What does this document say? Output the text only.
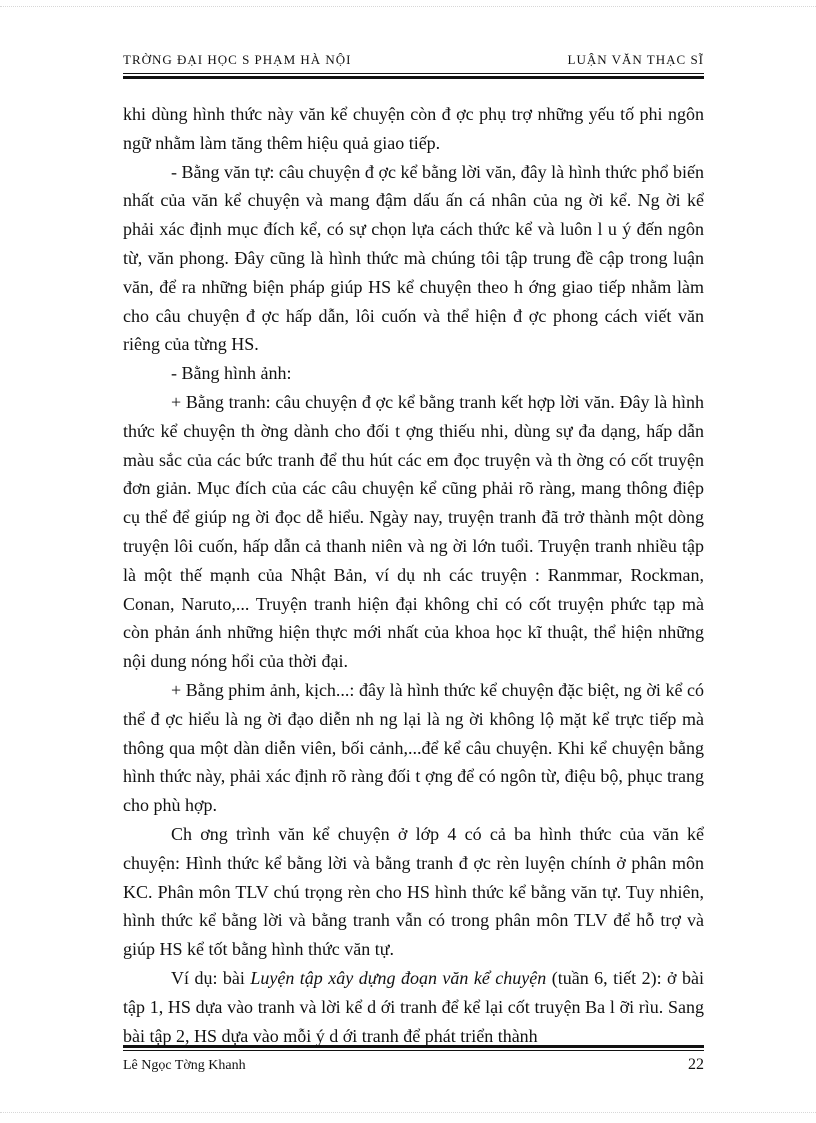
TRỜNG ĐẠI HỌC S PHẠM HÀ NỘI	LUẬN VĂN THẠC SĨ

khi dùng hình thức này văn kể chuyện còn đ ợc phụ trợ những yếu tố phi ngôn ngữ nhằm làm tăng thêm hiệu quả giao tiếp.

- Bằng văn tự: câu chuyện đ ợc kể bằng lời văn, đây là hình thức phổ biến nhất của văn kể chuyện và mang đậm dấu ấn cá nhân của ng ời kể. Ng ời kể phải xác định mục đích kể, có sự chọn lựa cách thức kể và luôn l u ý đến ngôn từ, văn phong. Đây cũng là hình thức mà chúng tôi tập trung đề cập trong luận văn, để ra những biện pháp giúp HS kể chuyện theo h ớng giao tiếp nhằm làm cho câu chuyện đ ợc hấp dẫn, lôi cuốn và thể hiện đ ợc phong cách viết văn riêng của từng HS.

- Bằng hình ảnh:

+ Bằng tranh: câu chuyện đ ợc kể bằng tranh kết hợp lời văn. Đây là hình thức kể chuyện th ờng dành cho đối t ợng thiếu nhi, dùng sự đa dạng, hấp dẫn màu sắc của các bức tranh để thu hút các em đọc truyện và th ờng có cốt truyện đơn giản. Mục đích của các câu chuyện kể cũng phải rõ ràng, mang thông điệp cụ thể để giúp ng ời đọc dễ hiểu. Ngày nay, truyện tranh đã trở thành một dòng truyện lôi cuốn, hấp dẫn cả thanh niên và ng ời lớn tuổi. Truyện tranh nhiều tập là một thế mạnh của Nhật Bản, ví dụ nh các truyện : Ranmmar, Rockman, Conan, Naruto,... Truyện tranh hiện đại không chỉ có cốt truyện phức tạp mà còn phản ánh những hiện thực mới nhất của khoa học kĩ thuật, thể hiện những nội dung nóng hổi của thời đại.

+ Bằng phim ảnh, kịch...: đây là hình thức kể chuyện đặc biệt, ng ời kể có thể đ ợc hiểu là ng ời đạo diễn nh ng lại là ng ời không lộ mặt kể trực tiếp mà thông qua một dàn diễn viên, bối cảnh,...để kể câu chuyện. Khi kể chuyện bằng hình thức này, phải xác định rõ ràng đối t ợng để có ngôn từ, điệu bộ, phục trang cho phù hợp.

Ch ơng trình văn kể chuyện ở lớp 4 có cả ba hình thức của văn kể chuyện: Hình thức kể bằng lời và bằng tranh đ ợc rèn luyện chính ở phân môn KC. Phân môn TLV chú trọng rèn cho HS hình thức kể bằng văn tự. Tuy nhiên, hình thức kể bằng lời và bằng tranh vẫn có trong phân môn TLV để hỗ trợ và giúp HS kể tốt bằng hình thức văn tự.

Ví dụ: bài Luyện tập xây dựng đoạn văn kể chuyện (tuần 6, tiết 2): ở bài tập 1, HS dựa vào tranh và lời kể d ới tranh để kể lại cốt truyện Ba l ỡi rìu. Sang bài tập 2, HS dựa vào mỗi ý d ới tranh để phát triển thành

Lê Ngọc Tờng Khanh	22
